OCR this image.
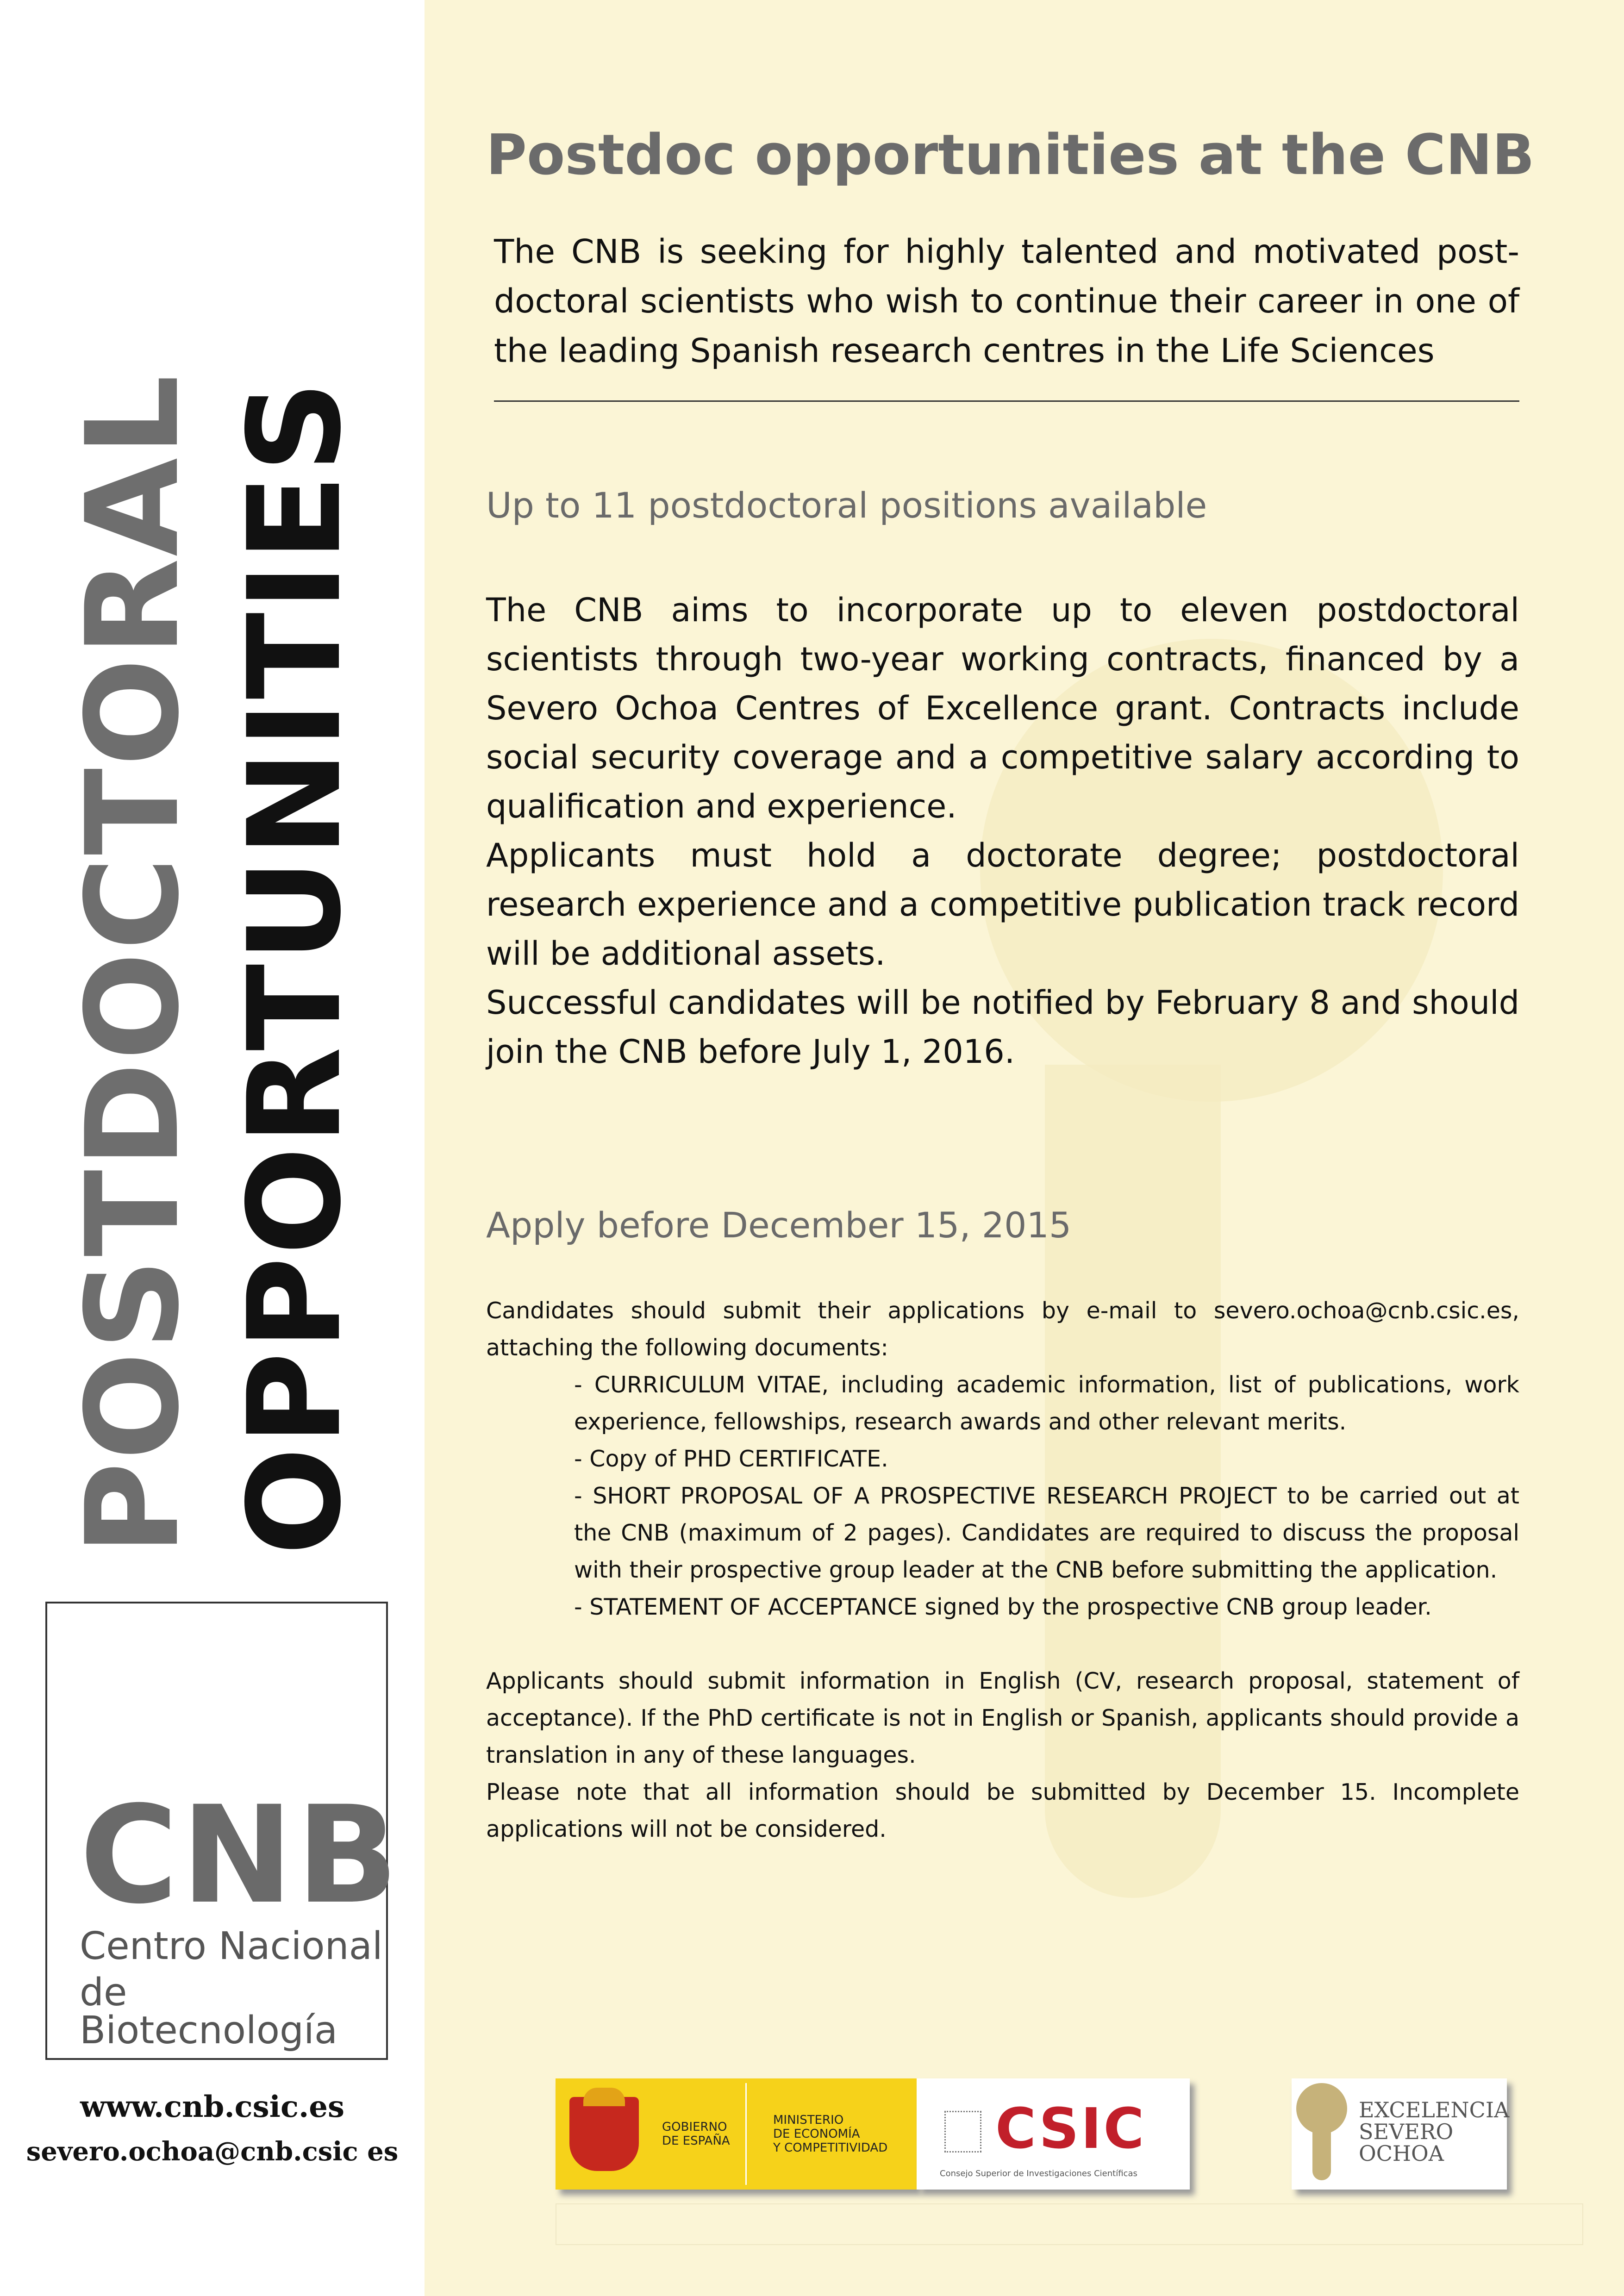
POSTDOCTORAL OPPORTUNITIES
CNB
Centro Nacional
de Biotecnología
www.cnb.csic.es
severo.ochoa@cnb.csic es
Postdoc opportunities at the CNB

The CNB is seeking for highly talented and motivated post-doctoral scientists who wish to continue their career in one of the leading Spanish research centres in the Life Sciences

Up to 11 postdoctoral positions available

The CNB aims to incorporate up to eleven postdoctoral scientists through two-year working contracts, financed by a Severo Ochoa Centres of Excellence grant. Contracts include social security coverage and a competitive salary according to qualification and experience.

Applicants must hold a doctorate degree; postdoctoral research experience and a competitive publication track record will be additional assets.

Successful candidates will be notified by February 8 and should join the CNB before July 1, 2016.

Apply before December 15, 2015

Candidates should submit their applications by e-mail to severo.ochoa@cnb.csic.es, attaching the following documents:

- CURRICULUM VITAE, including academic information, list of publications, work experience, fellowships, research awards and other relevant merits.

- Copy of PHD CERTIFICATE.

- SHORT PROPOSAL OF A PROSPECTIVE RESEARCH PROJECT to be carried out at the CNB (maximum of 2 pages). Candidates are required to discuss the proposal with their prospective group leader at the CNB before submitting the application.

- STATEMENT OF ACCEPTANCE signed by the prospective CNB group leader.

Applicants should submit information in English (CV, research proposal, statement of acceptance). If the PhD certificate is not in English or Spanish, applicants should provide a translation in any of these languages.

Please note that all information should be submitted by December 15. Incomplete applications will not be considered.

GOBIERNO
DE ESPAÑA
MINISTERIO
DE ECONOMÍA
Y COMPETITIVIDAD	CSIC
Consejo Superior de Investigaciones Científicas
EXCELENCIA
SEVERO
OCHOA
